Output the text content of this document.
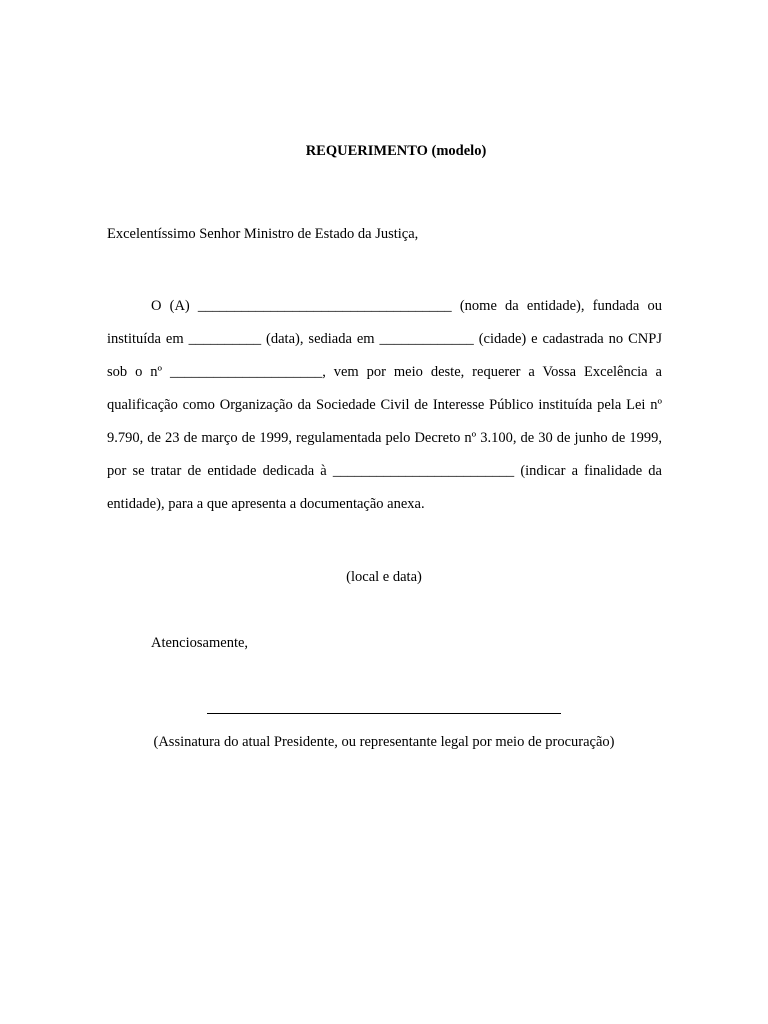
REQUERIMENTO (modelo)
Excelentíssimo Senhor Ministro de Estado da Justiça,

O (A) ___________________________________ (nome da entidade), fundada ou instituída em __________ (data), sediada em _____________ (cidade) e cadastrada no CNPJ sob o nº _____________________, vem por meio deste, requerer a Vossa Excelência a qualificação como Organização da Sociedade Civil de Interesse Público instituída pela Lei nº 9.790, de 23 de março de 1999, regulamentada pelo Decreto nº 3.100, de 30 de junho de 1999, por se tratar de entidade dedicada à _________________________ (indicar a finalidade da entidade), para a que apresenta a documentação anexa.

(local e data)
Atenciosamente,
(Assinatura do atual Presidente, ou representante legal por meio de procuração)
